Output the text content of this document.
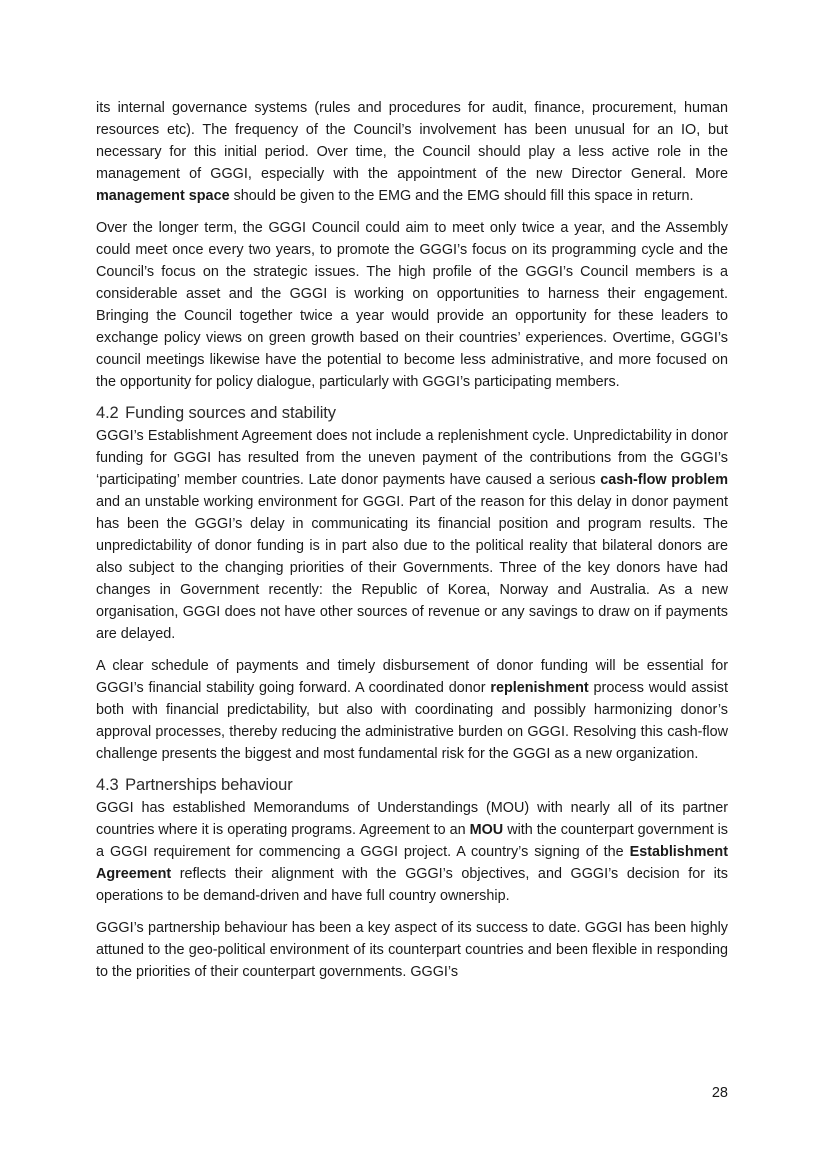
its internal governance systems (rules and procedures for audit, finance, procurement, human resources etc). The frequency of the Council’s involvement has been unusual for an IO, but necessary for this initial period. Over time, the Council should play a less active role in the management of GGGI, especially with the appointment of the new Director General. More management space should be given to the EMG and the EMG should fill this space in return.

Over the longer term, the GGGI Council could aim to meet only twice a year, and the Assembly could meet once every two years, to promote the GGGI’s focus on its programming cycle and the Council’s focus on the strategic issues. The high profile of the GGGI’s Council members is a considerable asset and the GGGI is working on opportunities to harness their engagement. Bringing the Council together twice a year would provide an opportunity for these leaders to exchange policy views on green growth based on their countries’ experiences. Overtime, GGGI’s council meetings likewise have the potential to become less administrative, and more focused on the opportunity for policy dialogue, particularly with GGGI’s participating members.

4.2 Funding sources and stability

GGGI’s Establishment Agreement does not include a replenishment cycle. Unpredictability in donor funding for GGGI has resulted from the uneven payment of the contributions from the GGGI’s ‘participating’ member countries. Late donor payments have caused a serious cash-flow problem and an unstable working environment for GGGI. Part of the reason for this delay in donor payment has been the GGGI’s delay in communicating its financial position and program results. The unpredictability of donor funding is in part also due to the political reality that bilateral donors are also subject to the changing priorities of their Governments. Three of the key donors have had changes in Government recently: the Republic of Korea, Norway and Australia. As a new organisation, GGGI does not have other sources of revenue or any savings to draw on if payments are delayed.

A clear schedule of payments and timely disbursement of donor funding will be essential for GGGI’s financial stability going forward. A coordinated donor replenishment process would assist both with financial predictability, but also with coordinating and possibly harmonizing donor’s approval processes, thereby reducing the administrative burden on GGGI. Resolving this cash-flow challenge presents the biggest and most fundamental risk for the GGGI as a new organization.

4.3 Partnerships behaviour

GGGI has established Memorandums of Understandings (MOU) with nearly all of its partner countries where it is operating programs. Agreement to an MOU with the counterpart government is a GGGI requirement for commencing a GGGI project. A country’s signing of the Establishment Agreement reflects their alignment with the GGGI’s objectives, and GGGI’s decision for its operations to be demand-driven and have full country ownership.

GGGI’s partnership behaviour has been a key aspect of its success to date. GGGI has been highly attuned to the geo-political environment of its counterpart countries and been flexible in responding to the priorities of their counterpart governments. GGGI’s

28
